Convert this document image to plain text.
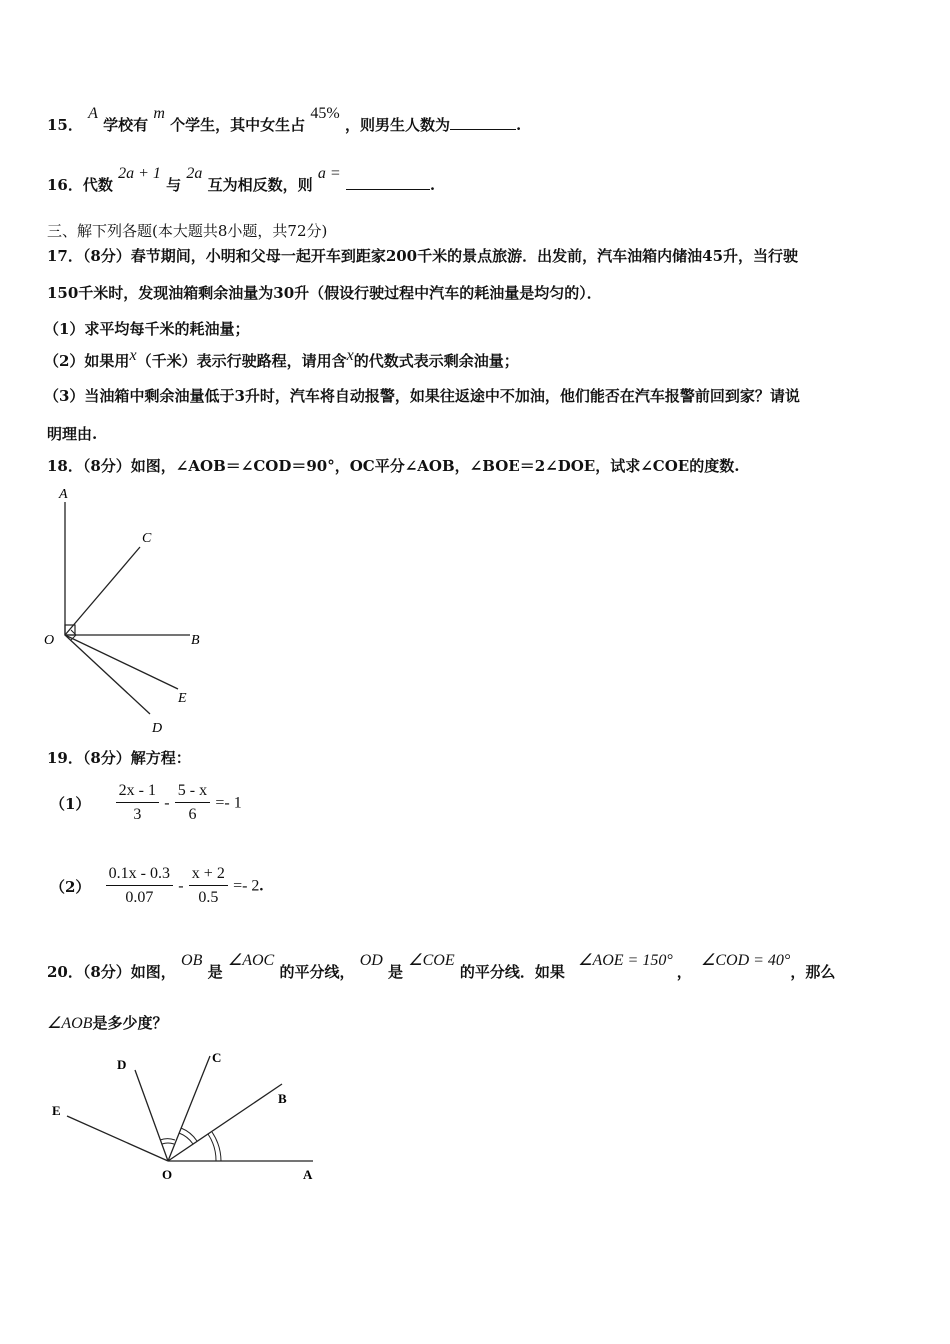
15． A 学校有 m 个学生，其中女生占 45% ，则男生人数为	.
16．代数 2a + 1 与 2a 互为相反数，则 a = .
三、解下列各题(本大题共8小题，共72分)
17．（8分）春节期间，小明和父母一起开车到距家200千米的景点旅游．出发前，汽车油箱内储油45升，当行驶
150千米时，发现油箱剩余油量为30升（假设行驶过程中汽车的耗油量是均匀的）．
（1）求平均每千米的耗油量；
（2）如果用x（千米）表示行驶路程，请用含x的代数式表示剩余油量；
（3）当油箱中剩余油量低于3升时，汽车将自动报警，如果往返途中不加油，他们能否在汽车报警前回到家？请说
明理由.
18．（8分）如图，∠AOB＝∠COD＝90°，OC平分∠AOB，∠BOE＝2∠DOE，试求∠COE的度数.
A
C
O	B
E
D
19．（8分）解方程：
$(1) \frac{2x - 1}{3} - \frac{5 - x}{6} =- 1$
$(2) \frac{0.1x - 0.3}{0.07} - \frac{x + 2}{0.5} =- 2$.
20．（8分）如图， OB 是 ∠AOC 的平分线， OD 是 ∠COE 的平分线．如果 ∠AOE = 150°， ∠COD = 40°，那么
∠AOB是多少度？
D	C
B
E
O	A
